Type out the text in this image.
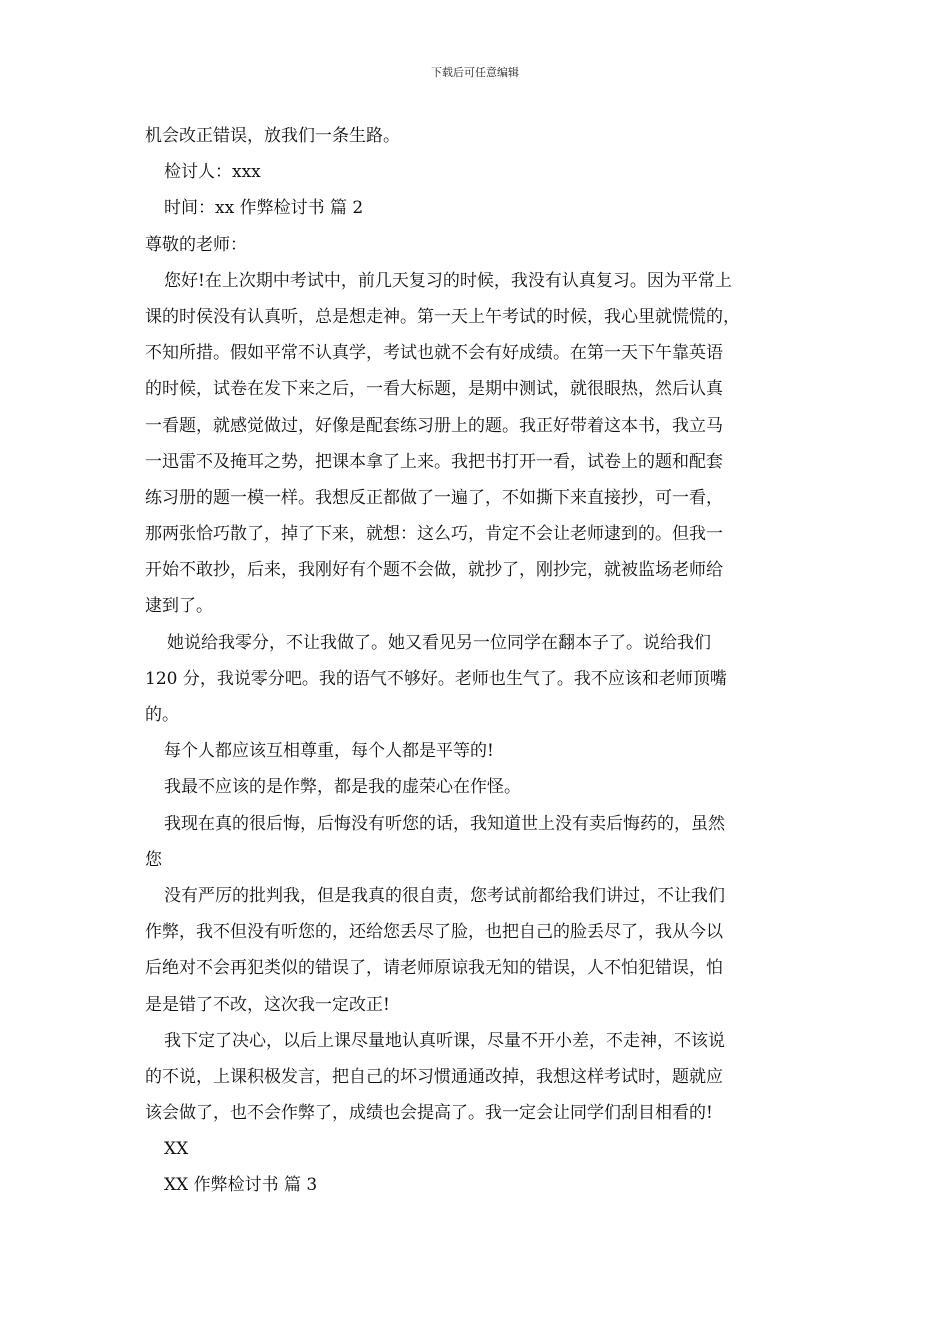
下载后可任意编辑
机会改正错误，放我们一条生路。
检讨人：xxx
时间：xx 作弊检讨书 篇 2
尊敬的老师：
您好!在上次期中考试中，前几天复习的时候，我没有认真复习。因为平常上
课的时侯没有认真听，总是想走神。第一天上午考试的时候，我心里就慌慌的，
不知所措。假如平常不认真学，考试也就不会有好成绩。在第一天下午靠英语
的时候，试卷在发下来之后，一看大标题，是期中测试，就很眼热，然后认真
一看题，就感觉做过，好像是配套练习册上的题。我正好带着这本书，我立马
一迅雷不及掩耳之势，把课本拿了上来。我把书打开一看，试卷上的题和配套
练习册的题一模一样。我想反正都做了一遍了，不如撕下来直接抄，可一看，
那两张恰巧散了，掉了下来，就想：这么巧，肯定不会让老师逮到的。但我一
开始不敢抄，后来，我刚好有个题不会做，就抄了，刚抄完，就被监场老师给
逮到了。
她说给我零分，不让我做了。她又看见另一位同学在翻本子了。说给我们
120 分，我说零分吧。我的语气不够好。老师也生气了。我不应该和老师顶嘴
的。
每个人都应该互相尊重，每个人都是平等的!
我最不应该的是作弊，都是我的虚荣心在作怪。
我现在真的很后悔，后悔没有听您的话，我知道世上没有卖后悔药的，虽然
您
没有严厉的批判我，但是我真的很自责，您考试前都给我们讲过，不让我们
作弊，我不但没有听您的，还给您丢尽了脸，也把自己的脸丢尽了，我从今以
后绝对不会再犯类似的错误了，请老师原谅我无知的错误，人不怕犯错误，怕
是是错了不改，这次我一定改正!
我下定了决心，以后上课尽量地认真听课，尽量不开小差，不走神，不该说
的不说，上课积极发言，把自己的坏习惯通通改掉，我想这样考试时，题就应
该会做了，也不会作弊了，成绩也会提高了。我一定会让同学们刮目相看的!
XX
XX 作弊检讨书 篇 3
